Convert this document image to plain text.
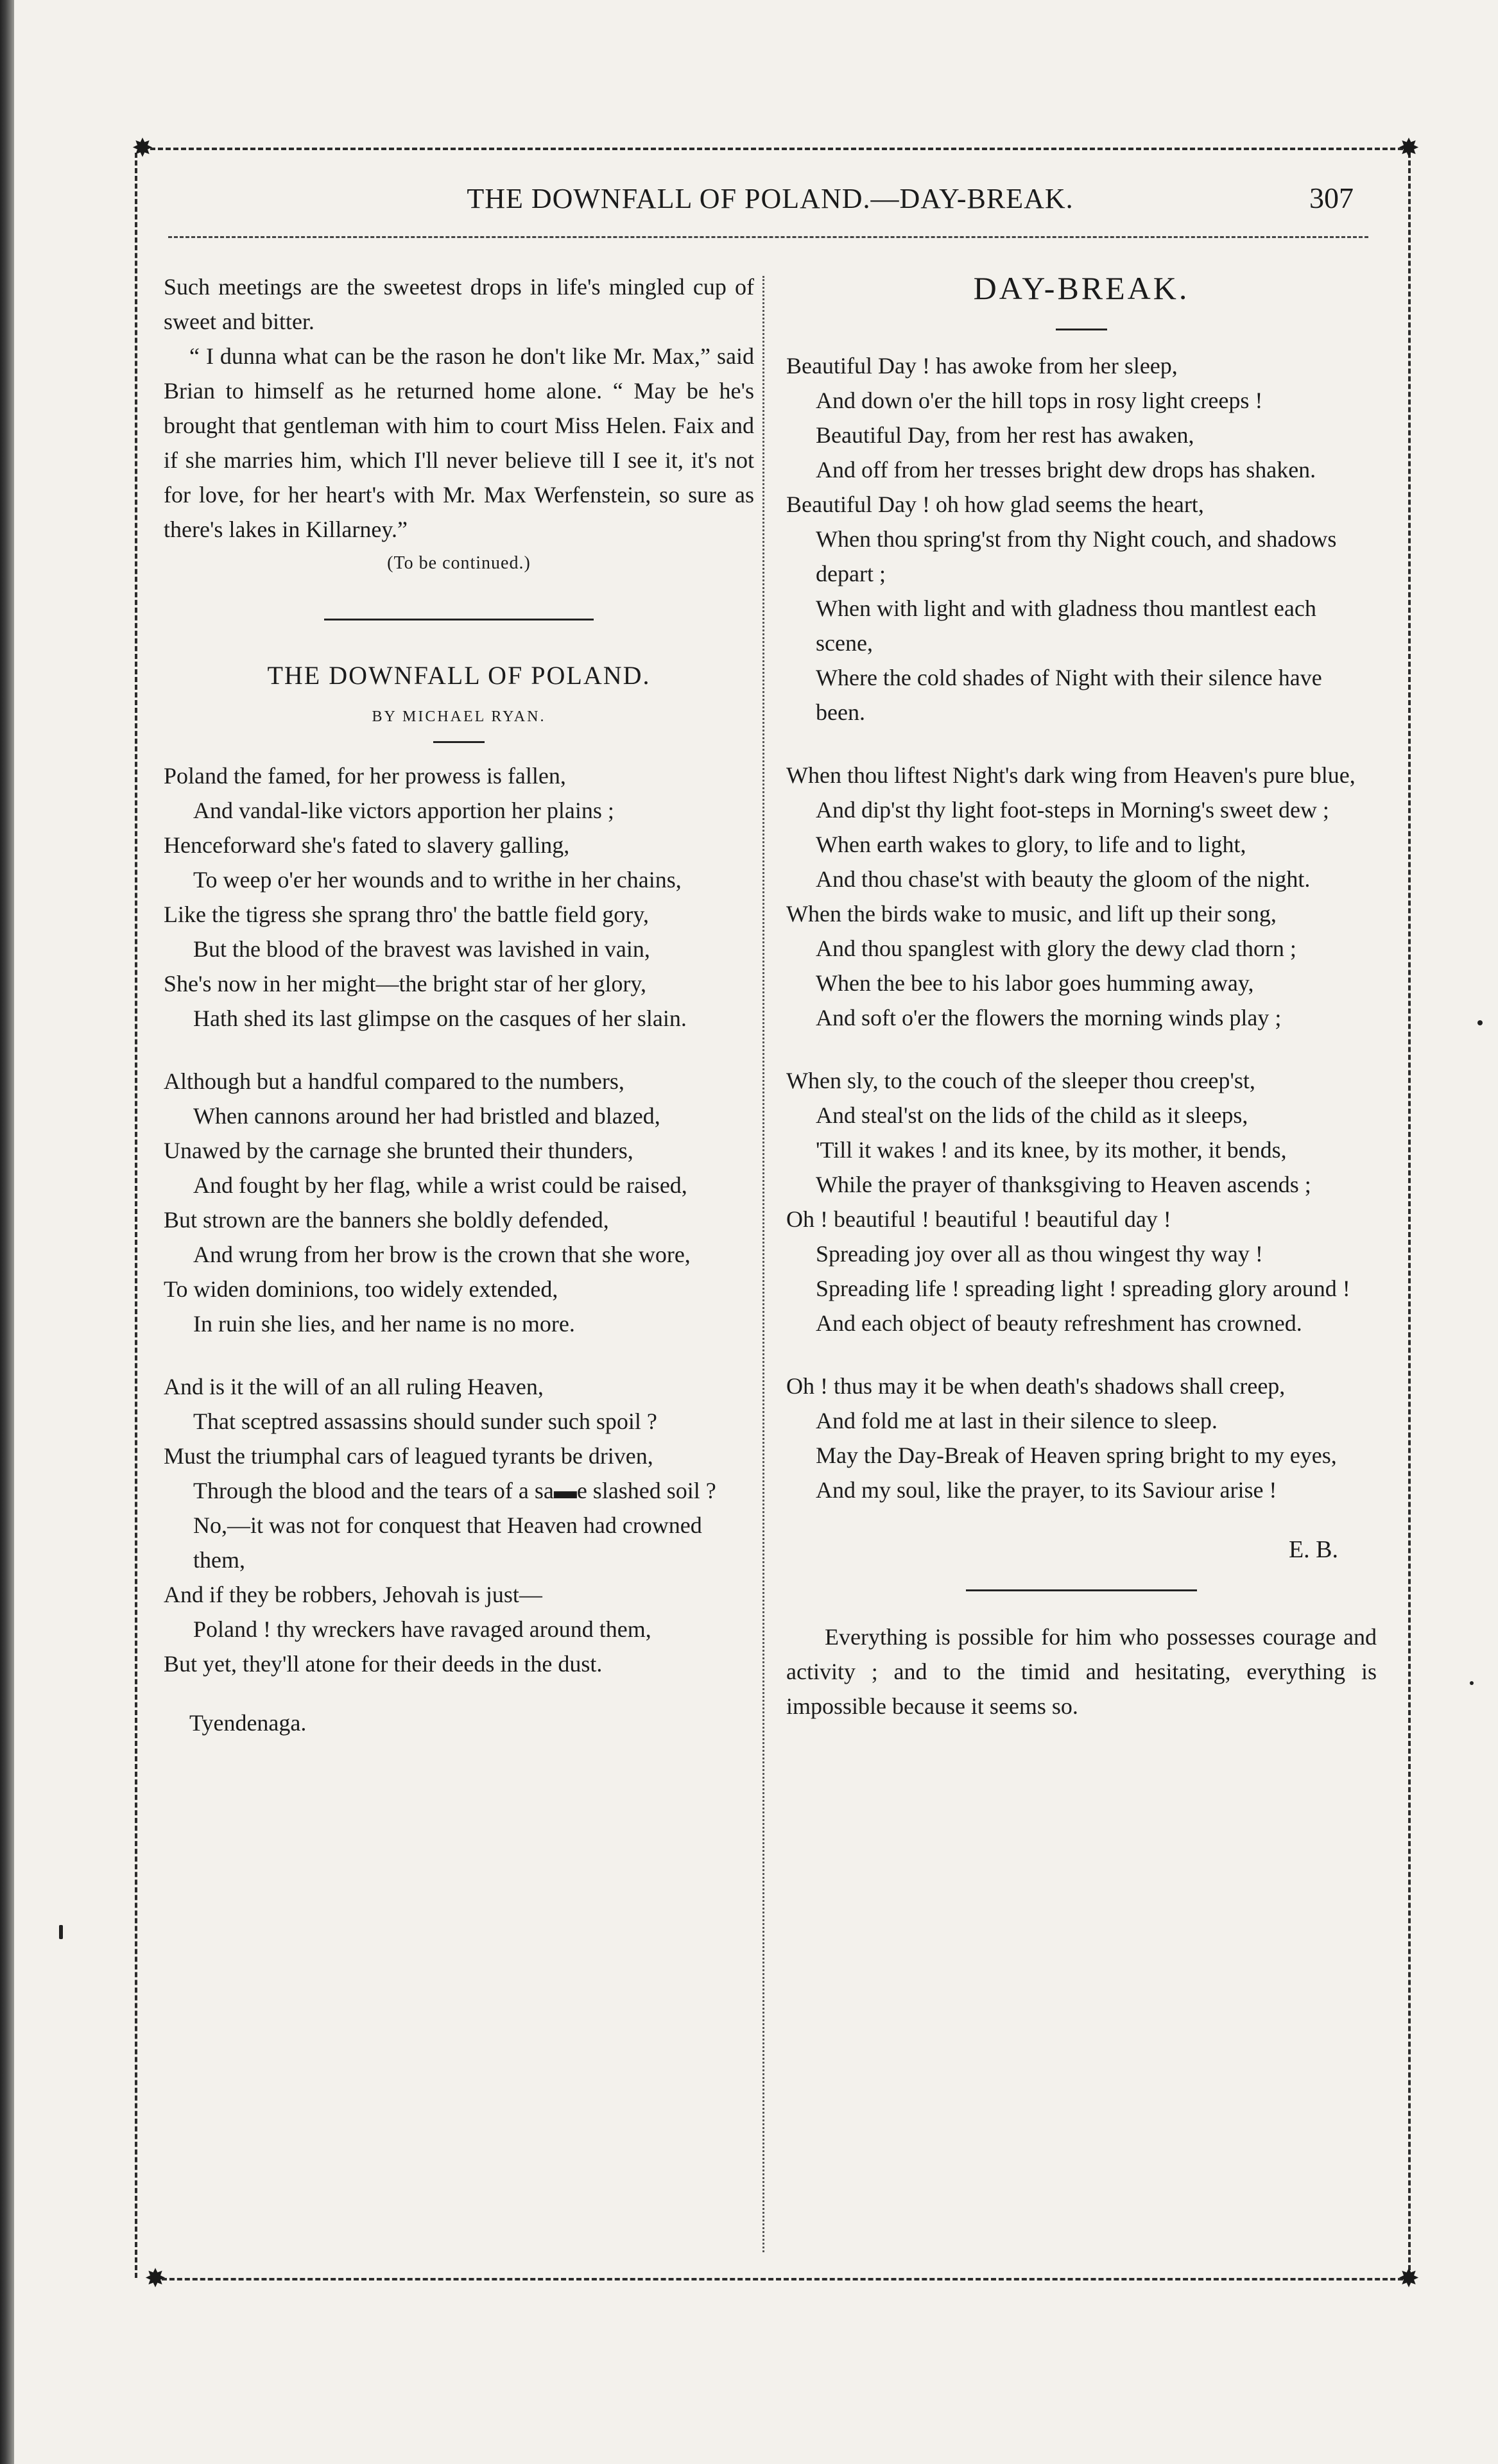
✸	✸
✸	✸
THE DOWNFALL OF POLAND.—DAY-BREAK.	307

Such meetings are the sweetest drops in life's mingled cup of sweet and bitter.

“ I dunna what can be the rason he don't like Mr. Max,” said Brian to himself as he returned home alone. “ May be he's brought that gentleman with him to court Miss Helen. Faix and if she marries him, which I'll never believe till I see it, it's not for love, for her heart's with Mr. Max Werfenstein, so sure as there's lakes in Killarney.”

(To be continued.)
THE DOWNFALL OF POLAND.
BY MICHAEL RYAN.
Poland the famed, for her prowess is fallen,
And vandal-like victors apportion her plains ;
Henceforward she's fated to slavery galling,
To weep o'er her wounds and to writhe in her chains,
Like the tigress she sprang thro' the battle field gory,
But the blood of the bravest was lavished in vain,
She's now in her might—the bright star of her glory,
Hath shed its last glimpse on the casques of her slain.
Although but a handful compared to the numbers,
When cannons around her had bristled and blazed,
Unawed by the carnage she brunted their thunders,
And fought by her flag, while a wrist could be raised,
But strown are the banners she boldly defended,
And wrung from her brow is the crown that she wore,
To widen dominions, too widely extended,
In ruin she lies, and her name is no more.
And is it the will of an all ruling Heaven,
That sceptred assassins should sunder such spoil ?
Must the triumphal cars of leagued tyrants be driven,
Through the blood and the tears of a sa▬e slashed soil ?
No,—it was not for conquest that Heaven had crowned them,
And if they be robbers, Jehovah is just—
Poland ! thy wreckers have ravaged around them,
But yet, they'll atone for their deeds in the dust.
Tyendenaga.
DAY-BREAK.
Beautiful Day ! has awoke from her sleep,
And down o'er the hill tops in rosy light creeps !
Beautiful Day, from her rest has awaken,
And off from her tresses bright dew drops has shaken.
Beautiful Day ! oh how glad seems the heart,
When thou spring'st from thy Night couch, and shadows depart ;
When with light and with gladness thou mantlest each scene,
Where the cold shades of Night with their silence have been.
When thou liftest Night's dark wing from Heaven's pure blue,
And dip'st thy light foot-steps in Morning's sweet dew ;
When earth wakes to glory, to life and to light,
And thou chase'st with beauty the gloom of the night.
When the birds wake to music, and lift up their song,
And thou spanglest with glory the dewy clad thorn ;
When the bee to his labor goes humming away,
And soft o'er the flowers the morning winds play ;
When sly, to the couch of the sleeper thou creep'st,
And steal'st on the lids of the child as it sleeps,
'Till it wakes ! and its knee, by its mother, it bends,
While the prayer of thanksgiving to Heaven ascends ;
Oh ! beautiful ! beautiful ! beautiful day !
Spreading joy over all as thou wingest thy way !
Spreading life ! spreading light ! spreading glory around !
And each object of beauty refreshment has crowned.
Oh ! thus may it be when death's shadows shall creep,
And fold me at last in their silence to sleep.
May the Day-Break of Heaven spring bright to my eyes,
And my soul, like the prayer, to its Saviour arise !
E. B.

Everything is possible for him who possesses courage and activity ; and to the timid and hesitating, everything is impossible because it seems so.
